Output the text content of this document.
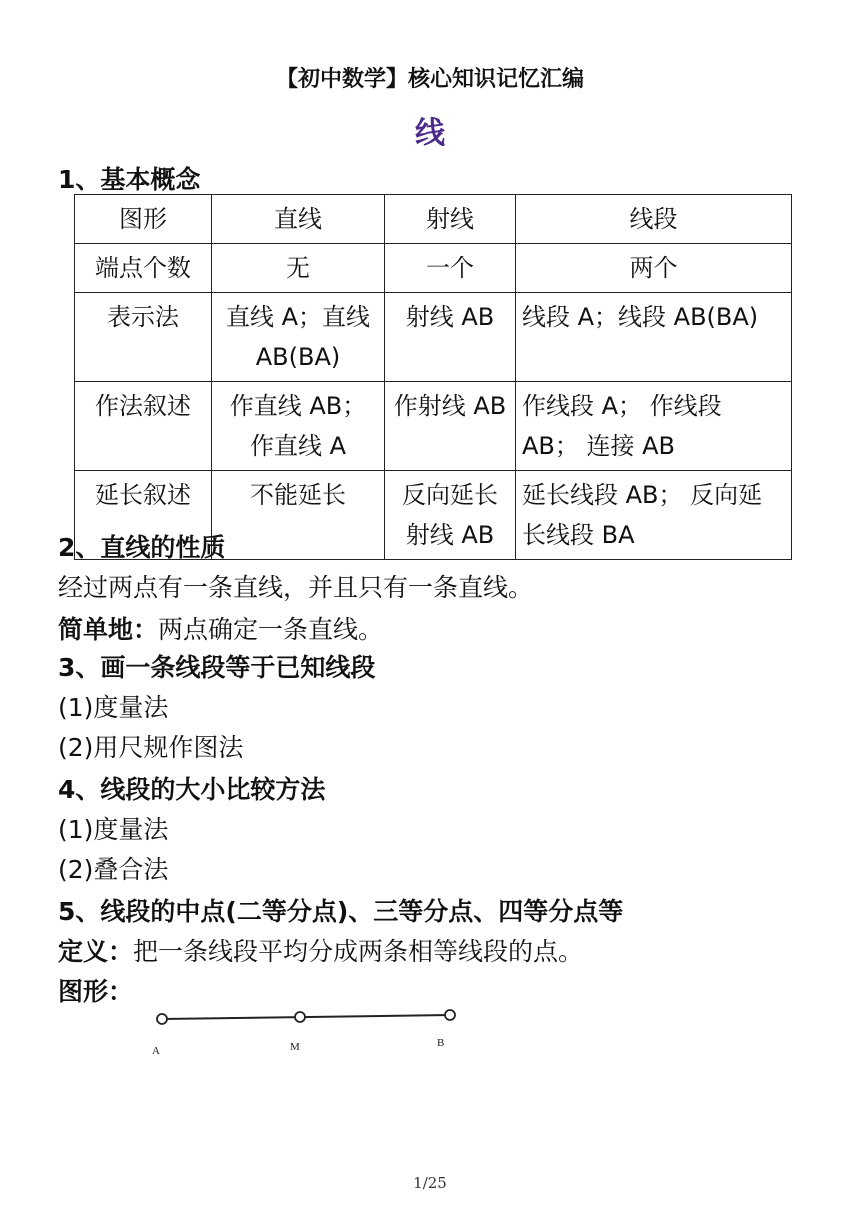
【初中数学】核心知识记忆汇编
线
1、基本概念
图形	直线	射线	线段
端点个数	无	一个	两个
表示法	直线 A；直线 AB(BA)	射线 AB	线段 A；线段 AB(BA)
作法叙述	作直线 AB；作直线 A	作射线 AB	作线段 A； 作线段 AB； 连接 AB
延长叙述	不能延长	反向延长射线 AB	延长线段 AB； 反向延长线段 BA
2、直线的性质
经过两点有一条直线，并且只有一条直线。
简单地：两点确定一条直线。
3、画一条线段等于已知线段
(1)度量法
(2)用尺规作图法
4、线段的大小比较方法
(1)度量法
(2)叠合法
5、线段的中点(二等分点)、三等分点、四等分点等
定义：把一条线段平均分成两条相等线段的点。
图形：
A	M	B
1/25
